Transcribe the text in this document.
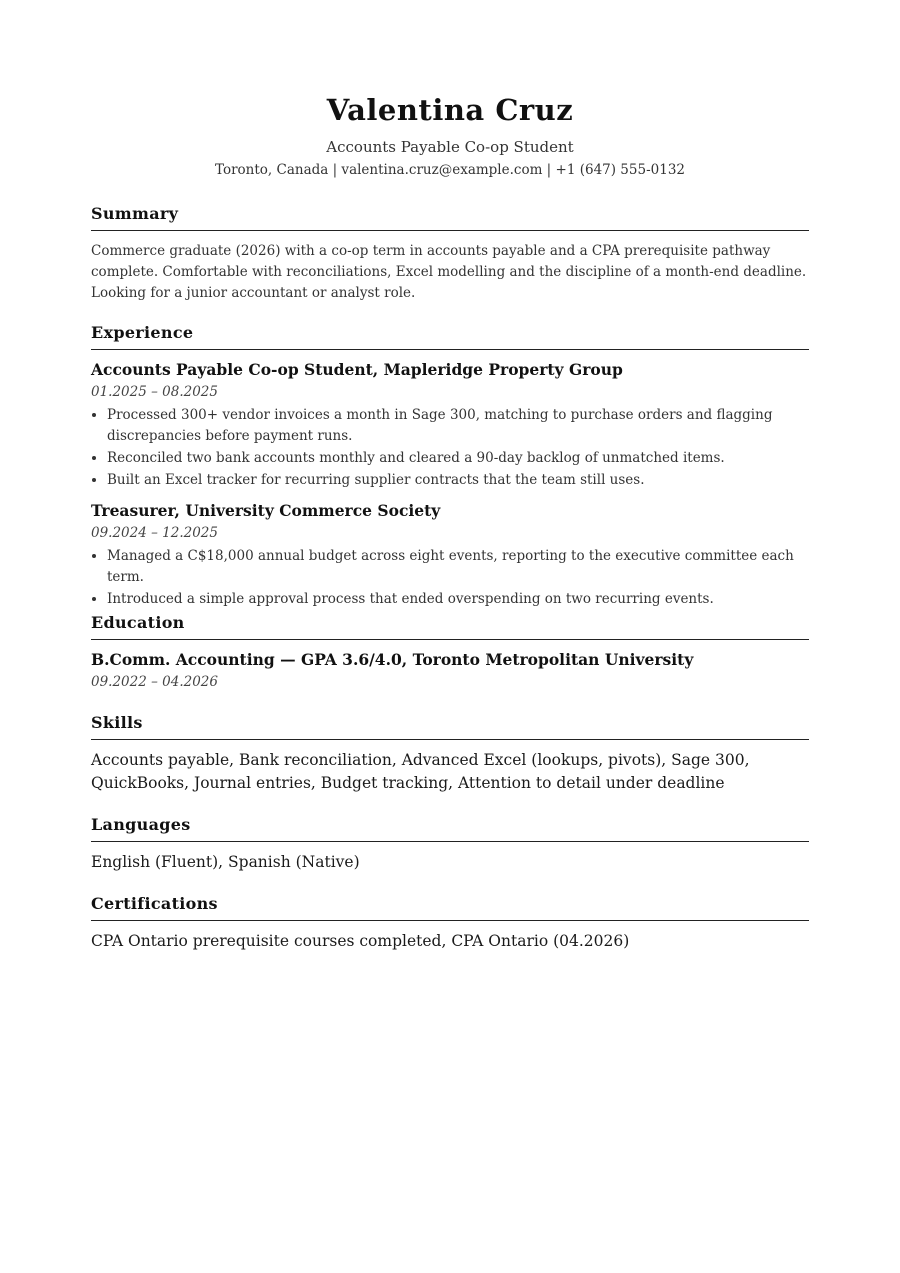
Valentina Cruz
Accounts Payable Co-op Student
Toronto, Canada | valentina.cruz@example.com | +1 (647) 555-0132
Summary
Commerce graduate (2026) with a co-op term in accounts payable and a CPA prerequisite pathway complete. Comfortable with reconciliations, Excel modelling and the discipline of a month-end deadline. Looking for a junior accountant or analyst role.
Experience
Accounts Payable Co-op Student, Mapleridge Property Group
01.2025 – 08.2025
• Processed 300+ vendor invoices a month in Sage 300, matching to purchase orders and flagging discrepancies before payment runs.
• Reconciled two bank accounts monthly and cleared a 90-day backlog of unmatched items.
• Built an Excel tracker for recurring supplier contracts that the team still uses.
Treasurer, University Commerce Society
09.2024 – 12.2025
• Managed a C$18,000 annual budget across eight events, reporting to the executive committee each term.
• Introduced a simple approval process that ended overspending on two recurring events.
Education
B.Comm. Accounting — GPA 3.6/4.0, Toronto Metropolitan University
09.2022 – 04.2026
Skills
Accounts payable, Bank reconciliation, Advanced Excel (lookups, pivots), Sage 300, QuickBooks, Journal entries, Budget tracking, Attention to detail under deadline
Languages
English (Fluent), Spanish (Native)
Certifications
CPA Ontario prerequisite courses completed, CPA Ontario (04.2026)
